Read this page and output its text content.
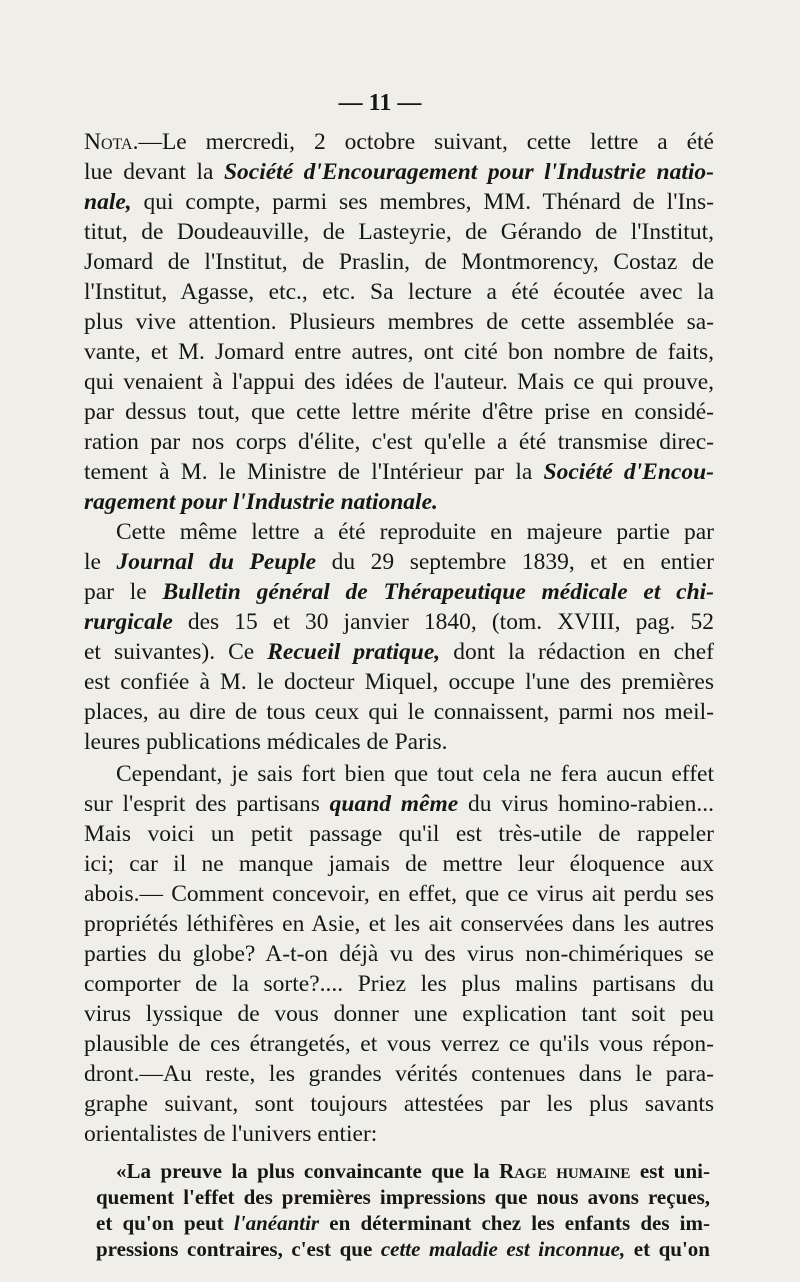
— 11 —
Nota.—Le mercredi, 2 octobre suivant, cette lettre a été
lue devant la Société d'Encouragement pour l'Industrie natio-
nale, qui compte, parmi ses membres, MM. Thénard de l'Ins-
titut, de Doudeauville, de Lasteyrie, de Gérando de l'Institut,
Jomard de l'Institut, de Praslin, de Montmorency, Costaz de
l'Institut, Agasse, etc., etc. Sa lecture a été écoutée avec la
plus vive attention. Plusieurs membres de cette assemblée sa-
vante, et M. Jomard entre autres, ont cité bon nombre de faits,
qui venaient à l'appui des idées de l'auteur. Mais ce qui prouve,
par dessus tout, que cette lettre mérite d'être prise en considé-
ration par nos corps d'élite, c'est qu'elle a été transmise direc-
tement à M. le Ministre de l'Intérieur par la Société d'Encou-
ragement pour l'Industrie nationale.
Cette même lettre a été reproduite en majeure partie par
le Journal du Peuple du 29 septembre 1839, et en entier
par le Bulletin général de Thérapeutique médicale et chi-
rurgicale des 15 et 30 janvier 1840, (tom. XVIII, pag. 52
et suivantes). Ce Recueil pratique, dont la rédaction en chef
est confiée à M. le docteur Miquel, occupe l'une des premières
places, au dire de tous ceux qui le connaissent, parmi nos meil-
leures publications médicales de Paris.
Cependant, je sais fort bien que tout cela ne fera aucun effet
sur l'esprit des partisans quand même du virus homino-rabien...
Mais voici un petit passage qu'il est très-utile de rappeler
ici; car il ne manque jamais de mettre leur éloquence aux
abois.— Comment concevoir, en effet, que ce virus ait perdu ses
propriétés léthifères en Asie, et les ait conservées dans les autres
parties du globe? A-t-on déjà vu des virus non-chimériques se
comporter de la sorte?.... Priez les plus malins partisans du
virus lyssique de vous donner une explication tant soit peu
plausible de ces étrangetés, et vous verrez ce qu'ils vous répon-
dront.—Au reste, les grandes vérités contenues dans le para-
graphe suivant, sont toujours attestées par les plus savants
orientalistes de l'univers entier:
«La preuve la plus convaincante que la Rage humaine est uni-
quement l'effet des premières impressions que nous avons reçues,
et qu'on peut l'anéantir en déterminant chez les enfants des im-
pressions contraires, c'est que cette maladie est inconnue, et qu'on
